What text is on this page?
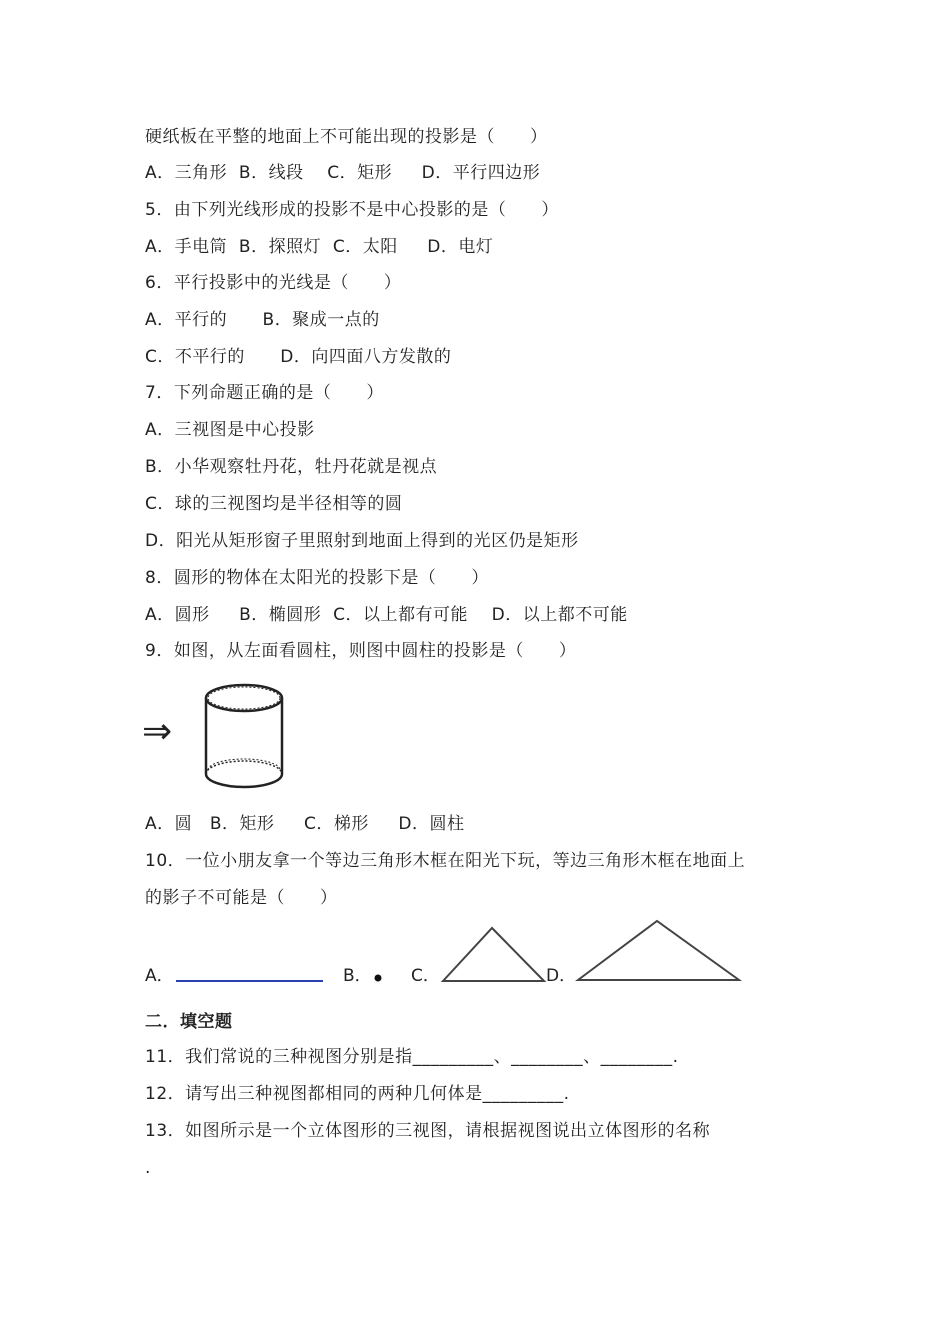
硬纸板在平整的地面上不可能出现的投影是（　　）
A．三角形  B．线段    C．矩形     D．平行四边形
5．由下列光线形成的投影不是中心投影的是（　　）
A．手电筒  B．探照灯  C．太阳     D．电灯
6．平行投影中的光线是（　　）
A．平行的      B．聚成一点的
C．不平行的      D．向四面八方发散的
7．下列命题正确的是（　　）
A．三视图是中心投影
B．小华观察牡丹花，牡丹花就是视点
C．球的三视图均是半径相等的圆
D．阳光从矩形窗子里照射到地面上得到的光区仍是矩形
8．圆形的物体在太阳光的投影下是（　　）
A．圆形     B．椭圆形  C．以上都有可能    D．以上都不可能
9．如图，从左面看圆柱，则图中圆柱的投影是（　　）
⇒
A．圆   B．矩形     C．梯形     D．圆柱
10．一位小朋友拿一个等边三角形木框在阳光下玩，等边三角形木框在地面上
的影子不可能是（　　）
A．	B． C．	D．
二．填空题
11．我们常说的三种视图分别是指_________、________、________.
12．请写出三种视图都相同的两种几何体是_________.
13．如图所示是一个立体图形的三视图，请根据视图说出立体图形的名称
.
